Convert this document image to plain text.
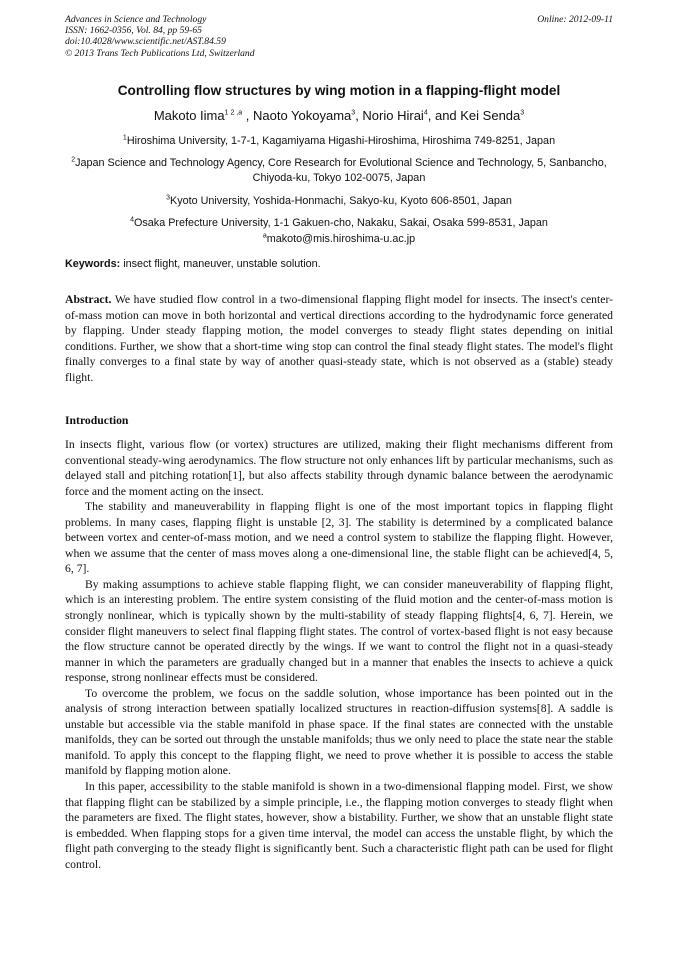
Advances in Science and Technology
ISSN: 1662-0356, Vol. 84, pp 59-65
doi:10.4028/www.scientific.net/AST.84.59
© 2013 Trans Tech Publications Ltd, Switzerland
Online: 2012-09-11
Controlling flow structures by wing motion in a flapping-flight model
Makoto Iima$^{1 2 ,a}$ , Naoto Yokoyama$^3$, Norio Hirai$^4$, and Kei Senda$^3$
$^1$Hiroshima University, 1-7-1, Kagamiyama Higashi-Hiroshima, Hiroshima 749-8251, Japan
$^2$Japan Science and Technology Agency, Core Research for Evolutional Science and Technology, 5, Sanbancho, Chiyoda-ku, Tokyo 102-0075, Japan
$^3$Kyoto University, Yoshida-Honmachi, Sakyo-ku, Kyoto 606-8501, Japan
$^4$Osaka Prefecture University, 1-1 Gakuen-cho, Nakaku, Sakai, Osaka 599-8531, Japan
$^a$makoto@mis.hiroshima-u.ac.jp
Keywords: insect flight, maneuver, unstable solution.
Abstract. We have studied flow control in a two-dimensional flapping flight model for insects. The insect's center-of-mass motion can move in both horizontal and vertical directions according to the hydrodynamic force generated by flapping. Under steady flapping motion, the model converges to steady flight states depending on initial conditions. Further, we show that a short-time wing stop can control the final steady flight states. The model's flight finally converges to a final state by way of another quasi-steady state, which is not observed as a (stable) steady flight.
Introduction

In insects flight, various flow (or vortex) structures are utilized, making their flight mechanisms different from conventional steady-wing aerodynamics. The flow structure not only enhances lift by particular mechanisms, such as delayed stall and pitching rotation[1], but also affects stability through dynamic balance between the aerodynamic force and the moment acting on the insect.

The stability and maneuverability in flapping flight is one of the most important topics in flapping flight problems. In many cases, flapping flight is unstable [2, 3]. The stability is determined by a complicated balance between vortex and center-of-mass motion, and we need a control system to stabilize the flapping flight. However, when we assume that the center of mass moves along a one-dimensional line, the stable flight can be achieved[4, 5, 6, 7].

By making assumptions to achieve stable flapping flight, we can consider maneuverability of flapping flight, which is an interesting problem. The entire system consisting of the fluid motion and the center-of-mass motion is strongly nonlinear, which is typically shown by the multi-stability of steady flapping flights[4, 6, 7]. Herein, we consider flight maneuvers to select final flapping flight states. The control of vortex-based flight is not easy because the flow structure cannot be operated directly by the wings. If we want to control the flight not in a quasi-steady manner in which the parameters are gradually changed but in a manner that enables the insects to achieve a quick response, strong nonlinear effects must be considered.

To overcome the problem, we focus on the saddle solution, whose importance has been pointed out in the analysis of strong interaction between spatially localized structures in reaction-diffusion systems[8]. A saddle is unstable but accessible via the stable manifold in phase space. If the final states are connected with the unstable manifolds, they can be sorted out through the unstable manifolds; thus we only need to place the state near the stable manifold. To apply this concept to the flapping flight, we need to prove whether it is possible to access the stable manifold by flapping motion alone.

In this paper, accessibility to the stable manifold is shown in a two-dimensional flapping model. First, we show that flapping flight can be stabilized by a simple principle, i.e., the flapping motion converges to steady flight when the parameters are fixed. The flight states, however, show a bistability. Further, we show that an unstable flight state is embedded. When flapping stops for a given time interval, the model can access the unstable flight, by which the flight path converging to the steady flight is significantly bent. Such a characteristic flight path can be used for flight control.
